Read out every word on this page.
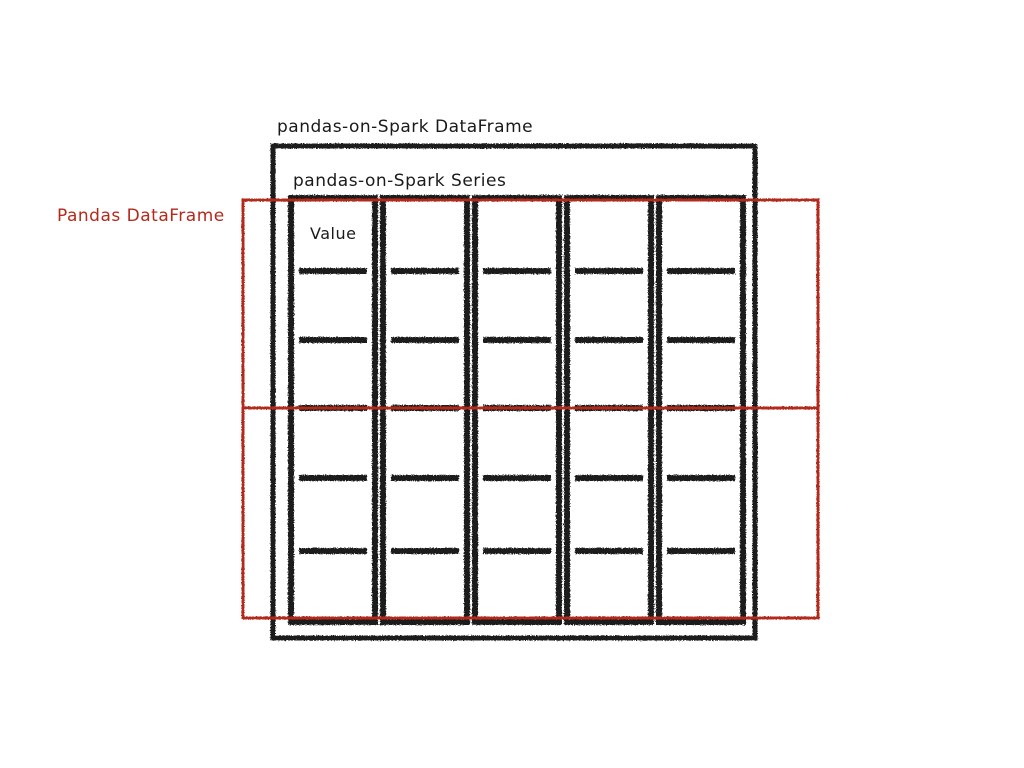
pandas-on-Spark DataFrame
pandas-on-Spark Series
Pandas DataFrame
Value
